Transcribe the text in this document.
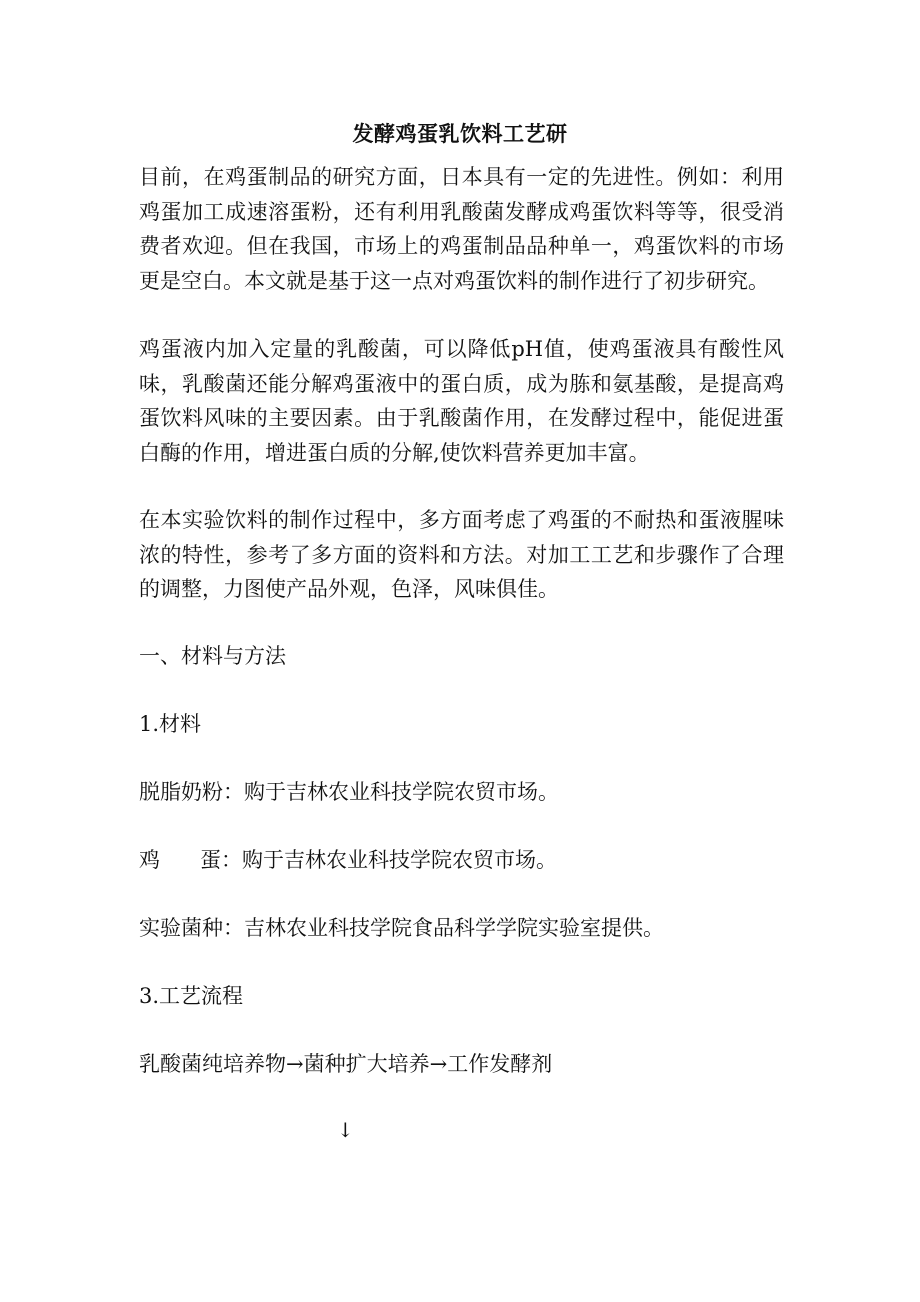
发酵鸡蛋乳饮料工艺研

目前，在鸡蛋制品的研究方面，日本具有一定的先进性。例如：利用鸡蛋加工成速溶蛋粉，还有利用乳酸菌发酵成鸡蛋饮料等等，很受消费者欢迎。但在我国，市场上的鸡蛋制品品种单一，鸡蛋饮料的市场更是空白。本文就是基于这一点对鸡蛋饮料的制作进行了初步研究。

鸡蛋液内加入定量的乳酸菌，可以降低pH值，使鸡蛋液具有酸性风味，乳酸菌还能分解鸡蛋液中的蛋白质，成为胨和氨基酸，是提高鸡蛋饮料风味的主要因素。由于乳酸菌作用，在发酵过程中，能促进蛋白酶的作用，增进蛋白质的分解,使饮料营养更加丰富。

在本实验饮料的制作过程中，多方面考虑了鸡蛋的不耐热和蛋液腥味浓的特性，参考了多方面的资料和方法。对加工工艺和步骤作了合理的调整，力图使产品外观，色泽，风味俱佳。

一、材料与方法
1.材料
脱脂奶粉：购于吉林农业科技学院农贸市场。
鸡      蛋：购于吉林农业科技学院农贸市场。
实验菌种：吉林农业科技学院食品科学学院实验室提供。
3.工艺流程
乳酸菌纯培养物→菌种扩大培养→工作发酵剂
↓
